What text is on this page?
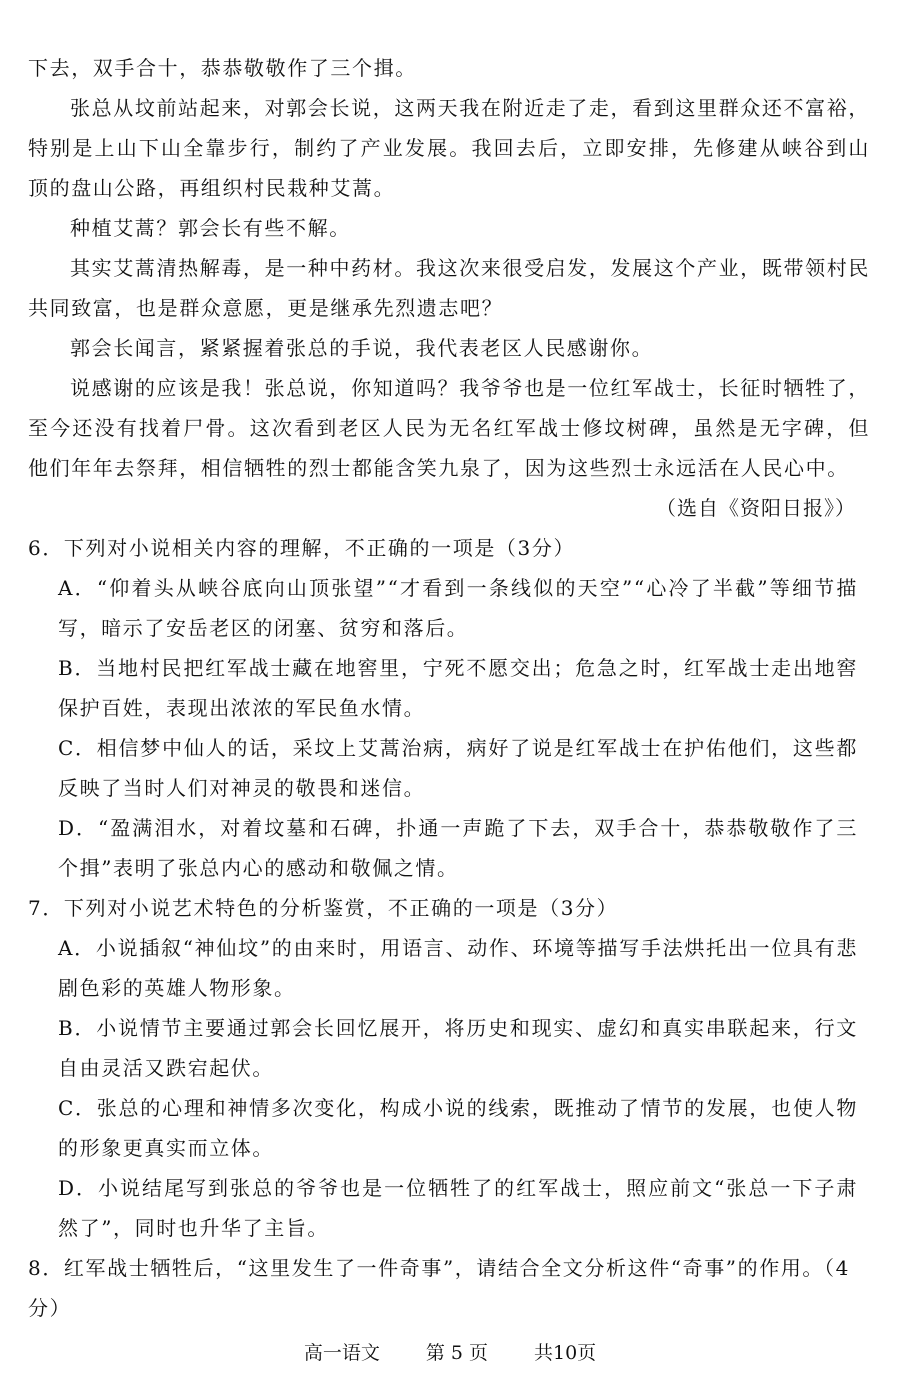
下去，双手合十，恭恭敬敬作了三个揖。

张总从坟前站起来，对郭会长说，这两天我在附近走了走，看到这里群众还不富裕，特别是上山下山全靠步行，制约了产业发展。我回去后，立即安排，先修建从峡谷到山顶的盘山公路，再组织村民栽种艾蒿。

种植艾蒿？郭会长有些不解。

其实艾蒿清热解毒，是一种中药材。我这次来很受启发，发展这个产业，既带领村民共同致富，也是群众意愿，更是继承先烈遗志吧？

郭会长闻言，紧紧握着张总的手说，我代表老区人民感谢你。

说感谢的应该是我！张总说，你知道吗？我爷爷也是一位红军战士，长征时牺牲了，至今还没有找着尸骨。这次看到老区人民为无名红军战士修坟树碑，虽然是无字碑，但他们年年去祭拜，相信牺牲的烈士都能含笑九泉了，因为这些烈士永远活在人民心中。

（选自《资阳日报》）

6．下列对小说相关内容的理解，不正确的一项是（3分）

A．“仰着头从峡谷底向山顶张望”“才看到一条线似的天空”“心冷了半截”等细节描写，暗示了安岳老区的闭塞、贫穷和落后。

B．当地村民把红军战士藏在地窖里，宁死不愿交出；危急之时，红军战士走出地窖保护百姓，表现出浓浓的军民鱼水情。

C．相信梦中仙人的话，采坟上艾蒿治病，病好了说是红军战士在护佑他们，这些都反映了当时人们对神灵的敬畏和迷信。

D．“盈满泪水，对着坟墓和石碑，扑通一声跪了下去，双手合十，恭恭敬敬作了三个揖”表明了张总内心的感动和敬佩之情。

7．下列对小说艺术特色的分析鉴赏，不正确的一项是（3分）

A．小说插叙“神仙坟”的由来时，用语言、动作、环境等描写手法烘托出一位具有悲剧色彩的英雄人物形象。

B．小说情节主要通过郭会长回忆展开，将历史和现实、虚幻和真实串联起来，行文自由灵活又跌宕起伏。

C．张总的心理和神情多次变化，构成小说的线索，既推动了情节的发展，也使人物的形象更真实而立体。

D．小说结尾写到张总的爷爷也是一位牺牲了的红军战士，照应前文“张总一下子肃然了”，同时也升华了主旨。

8．红军战士牺牲后，“这里发生了一件奇事”，请结合全文分析这件“奇事”的作用。（4分）

高一语文 第 5 页 共10页
